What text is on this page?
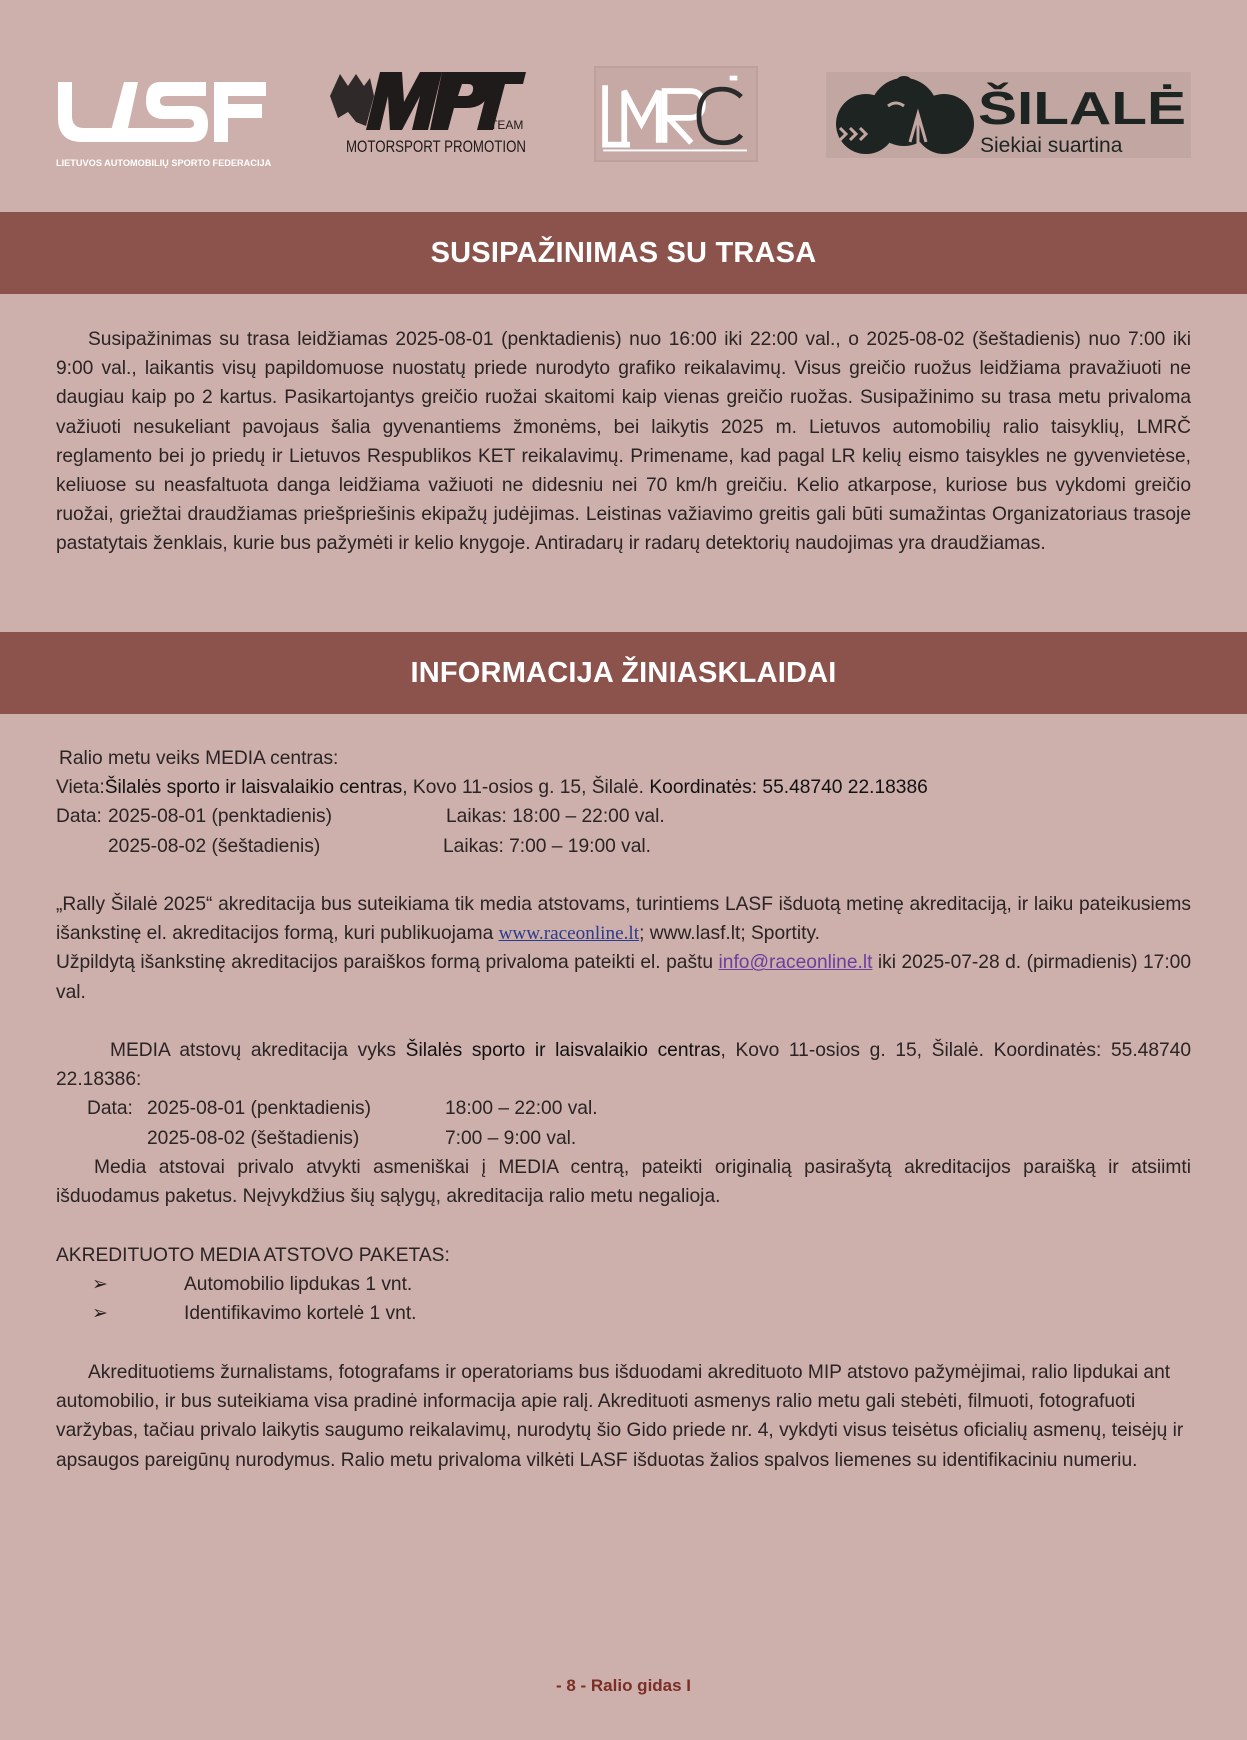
LIETUVOS AUTOMOBILIŲ SPORTO FEDERACIJA
TEAM
MOTORSPORT PROMOTION
ŠILALĖ
Siekiai suartina
SUSIPAŽINIMAS SU TRASA

Susipažinimas su trasa leidžiamas 2025-08-01 (penktadienis) nuo 16:00 iki 22:00 val., o 2025-08-02 (šeštadienis) nuo 7:00 iki 9:00 val., laikantis visų papildomuose nuostatų priede nurodyto grafiko reikalavimų. Visus greičio ruožus leidžiama pravažiuoti ne daugiau kaip po 2 kartus. Pasikartojantys greičio ruožai skaitomi kaip vienas greičio ruožas. Susipažinimo su trasa metu privaloma važiuoti nesukeliant pavojaus šalia gyvenantiems žmonėms, bei laikytis 2025 m. Lietuvos automobilių ralio taisyklių, LMRČ reglamento bei jo priedų ir Lietuvos Respublikos KET reikalavimų. Primename, kad pagal LR kelių eismo taisykles ne gyvenvietėse, keliuose su neasfaltuota danga leidžiama važiuoti ne didesniu nei 70 km/h greičiu. Kelio atkarpose, kuriose bus vykdomi greičio ruožai, griežtai draudžiamas priešpriešinis ekipažų judėjimas. Leistinas važiavimo greitis gali būti sumažintas Organizatoriaus trasoje pastatytais ženklais, kurie bus pažymėti ir kelio knygoje. Antiradarų ir radarų detektorių naudojimas yra draudžiamas.

INFORMACIJA ŽINIASKLAIDAI

Ralio metu veiks MEDIA centras:

Vieta:Šilalės sporto ir laisvalaikio centras, Kovo 11-osios g. 15, Šilalė. Koordinatės: 55.48740 22.18386

Data: 2025-08-01 (penktadienis)	Laikas: 18:00 – 22:00 val.
2025-08-02 (šeštadienis)	Laikas: 7:00 – 19:00 val.

„Rally Šilalė 2025“ akreditacija bus suteikiama tik media atstovams, turintiems LASF išduotą metinę akreditaciją, ir laiku pateikusiems išankstinę el. akreditacijos formą, kuri publikuojama www.raceonline.lt; www.lasf.lt; Sportity.

Užpildytą išankstinę akreditacijos paraiškos formą privaloma pateikti el. paštu info@raceonline.lt iki 2025-07-28 d. (pirmadienis) 17:00 val.

MEDIA atstovų akreditacija vyks Šilalės sporto ir laisvalaikio centras, Kovo 11-osios g. 15, Šilalė. Koordinatės: 55.48740 22.18386:

Data: 2025-08-01 (penktadienis)	18:00 – 22:00 val.
2025-08-02 (šeštadienis)	7:00 – 9:00 val.

Media atstovai privalo atvykti asmeniškai į MEDIA centrą, pateikti originalią pasirašytą akreditacijos paraišką ir atsiimti išduodamus paketus. Neįvykdžius šių sąlygų, akreditacija ralio metu negalioja.

AKREDITUOTO MEDIA ATSTOVO PAKETAS:

➢	Automobilio lipdukas 1 vnt.
➢	Identifikavimo kortelė 1 vnt.

Akredituotiems žurnalistams, fotografams ir operatoriams bus išduodami akredituoto MIP atstovo pažymėjimai, ralio lipdukai ant automobilio, ir bus suteikiama visa pradinė informacija apie ralį. Akredituoti asmenys ralio metu gali stebėti, filmuoti, fotografuoti varžybas, tačiau privalo laikytis saugumo reikalavimų, nurodytų šio Gido priede nr. 4, vykdyti visus teisėtus oficialių asmenų, teisėjų ir apsaugos pareigūnų nurodymus. Ralio metu privaloma vilkėti LASF išduotas žalios spalvos liemenes su identifikaciniu numeriu.

- 8 - Ralio gidas I
